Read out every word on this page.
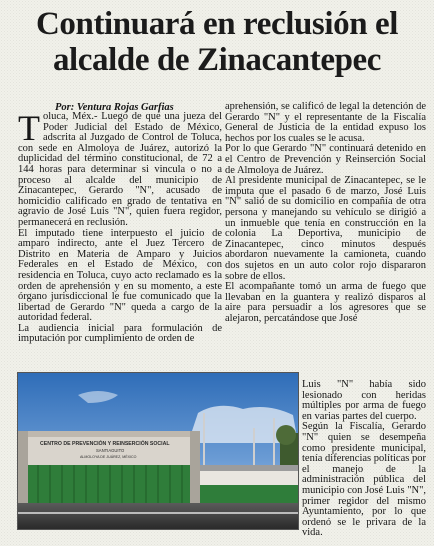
Continuará en reclusión el alcalde de Zinacantepec
Por: Ventura Rojas Garfias

Toluca, Méx.- Luego de que una jueza del Poder Judicial del Estado de México, adscrita al Juzgado de Control de Toluca, con sede en Almoloya de Juárez, autorizó la duplicidad del término constitucional, de 72 a 144 horas para determinar si vincula o no a proceso al alcalde del municipio de Zinacantepec, Gerardo "N", acusado de homicidio calificado en grado de tentativa en agravio de José Luis "N", quien fuera regidor, permanecerá en reclusión.

El imputado tiene interpuesto el juicio de amparo indirecto, ante el Juez Tercero de Distrito en Materia de Amparo y Juicios Federales en el Estado de México, con residencia en Toluca, cuyo acto reclamado es la orden de aprehensión y en su momento, a este órgano jurisdiccional le fue comunicado que la libertad de Gerardo "N" queda a cargo de la autoridad federal.

La audiencia inicial para formulación de imputación por cumplimiento de orden de

aprehensión, se calificó de legal la detención de Gerardo "N" y el representante de la Fiscalía General de Justicia de la entidad expuso los hechos por los cuales se le acusa.

Por lo que Gerardo "N" continuará detenido en el Centro de Prevención y Reinserción Social de Almoloya de Juárez.

Al presidente municipal de Zinacantepec, se le imputa que el pasado 6 de marzo, José Luis "N" salió de su domicilio en compañía de otra persona y manejando su vehículo se dirigió a un inmueble que tenía en construcción en la colonia La Deportiva, municipio de Zinacantepec, cinco minutos después abordaron nuevamente la camioneta, cuando dos sujetos en un auto color rojo dispararon sobre de ellos.

El acompañante tomó un arma de fuego que llevaban en la guantera y realizó disparos al aire para persuadir a los agresores que se alejaron, percatándose que José

Luis "N" había sido lesionado con heridas múltiples por arma de fuego en varias partes del cuerpo.

Según la Fiscalía, Gerardo "N" quien se desempeña como presidente municipal, tenía diferencias políticas por el manejo de la administración pública del municipio con José Luis "N", primer regidor del mismo Ayuntamiento, por lo que ordenó se le privara de la vida.

CENTRO DE PREVENCIÓN Y REINSERCIÓN SOCIAL
SANTIAGUITO
ALMOLOYA DE JUÁREZ, MÉXICO
